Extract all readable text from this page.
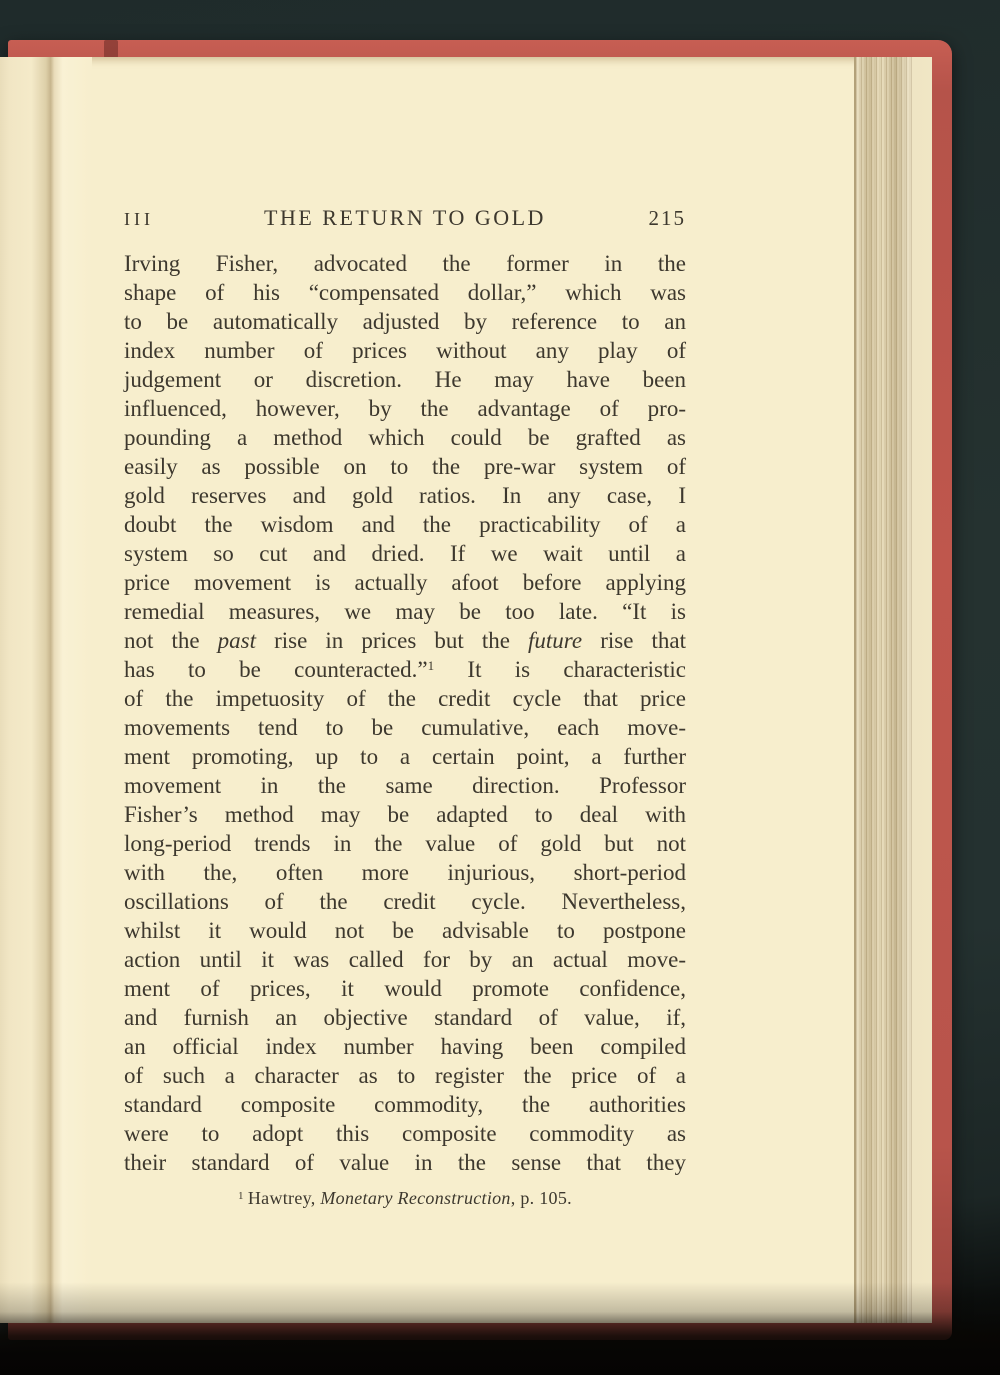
III	THE RETURN TO GOLD	215
Irving Fisher, advocated the former in the
shape of his “compensated dollar,” which was
to be automatically adjusted by reference to an
index number of prices without any play of
judgement or discretion. He may have been
influenced, however, by the advantage of pro-
pounding a method which could be grafted as
easily as possible on to the pre-war system of
gold reserves and gold ratios. In any case, I
doubt the wisdom and the practicability of a
system so cut and dried. If we wait until a
price movement is actually afoot before applying
remedial measures, we may be too late. “It is
not the past rise in prices but the future rise that
has to be counteracted.”$^1$ It is characteristic
of the impetuosity of the credit cycle that price
movements tend to be cumulative, each move-
ment promoting, up to a certain point, a further
movement in the same direction. Professor
Fisher’s method may be adapted to deal with
long-period trends in the value of gold but not
with the, often more injurious, short-period
oscillations of the credit cycle. Nevertheless,
whilst it would not be advisable to postpone
action until it was called for by an actual move-
ment of prices, it would promote confidence,
and furnish an objective standard of value, if,
an official index number having been compiled
of such a character as to register the price of a
standard composite commodity, the authorities
were to adopt this composite commodity as
their standard of value in the sense that they
$^1$ Hawtrey, Monetary Reconstruction, p. 105.
